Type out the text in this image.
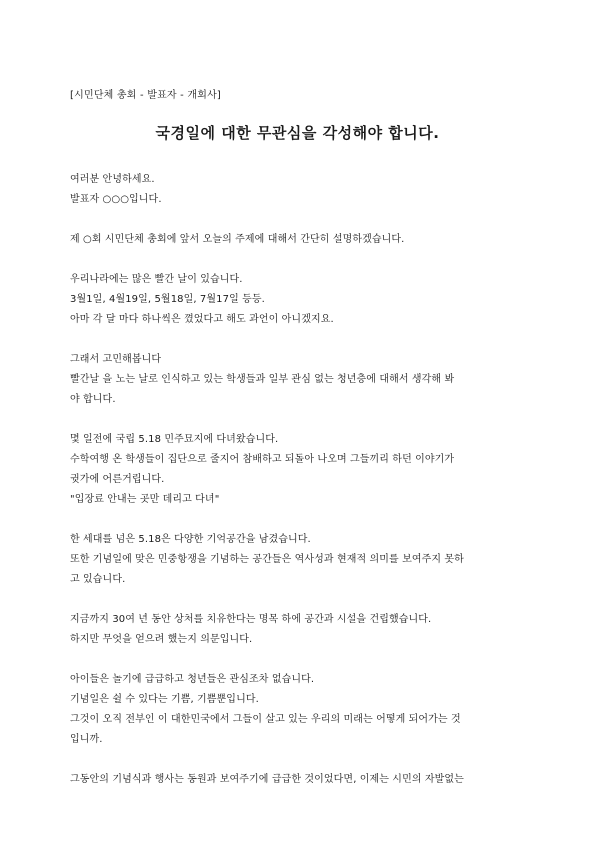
[시민단체 총회 - 발표자 - 개회사]
국경일에 대한 무관심을 각성해야 합니다.
여러분 안녕하세요.
발표자 ○○○입니다.
제 ○회 시민단체 총회에 앞서 오늘의 주제에 대해서 간단히 설명하겠습니다.
우리나라에는 많은 빨간 날이 있습니다.
3월1일, 4월19일, 5월18일, 7월17일 등등.
아마 각 달 마다 하나씩은 꼈었다고 해도 과언이 아니겠지요.
그래서 고민해봅니다
빨간날 을 노는 날로 인식하고 있는 학생들과 일부 관심 없는 청년층에 대해서 생각해 봐
야 합니다.
몇 일전에 국립 5.18 민주묘지에 다녀왔습니다.
수학여행 온 학생들이 집단으로 줄지어 참배하고 되돌아 나오며 그들끼리 하던 이야기가
귓가에 어른거립니다.
"입장료 안내는 곳만 데리고 다녀"
한 세대를 넘은 5.18은 다양한 기억공간을 남겼습니다.
또한 기념일에 맞은 민중항쟁을 기념하는 공간들은 역사성과 현재적 의미를 보여주지 못하
고 있습니다.
지금까지 30여 년 동안 상처를 치유한다는 명목 하에 공간과 시설을 건립했습니다.
하지만 무엇을 얻으려 했는지 의문입니다.
아이들은 놀기에 급급하고 청년들은 관심조차 없습니다.
기념일은 쉴 수 있다는 기쁨, 기쁨뿐입니다.
그것이 오직 전부인 이 대한민국에서 그들이 살고 있는 우리의 미래는 어떻게 되어가는 것
입니까.
그동안의 기념식과 행사는 동원과 보여주기에 급급한 것이었다면, 이제는 시민의 자발없는
